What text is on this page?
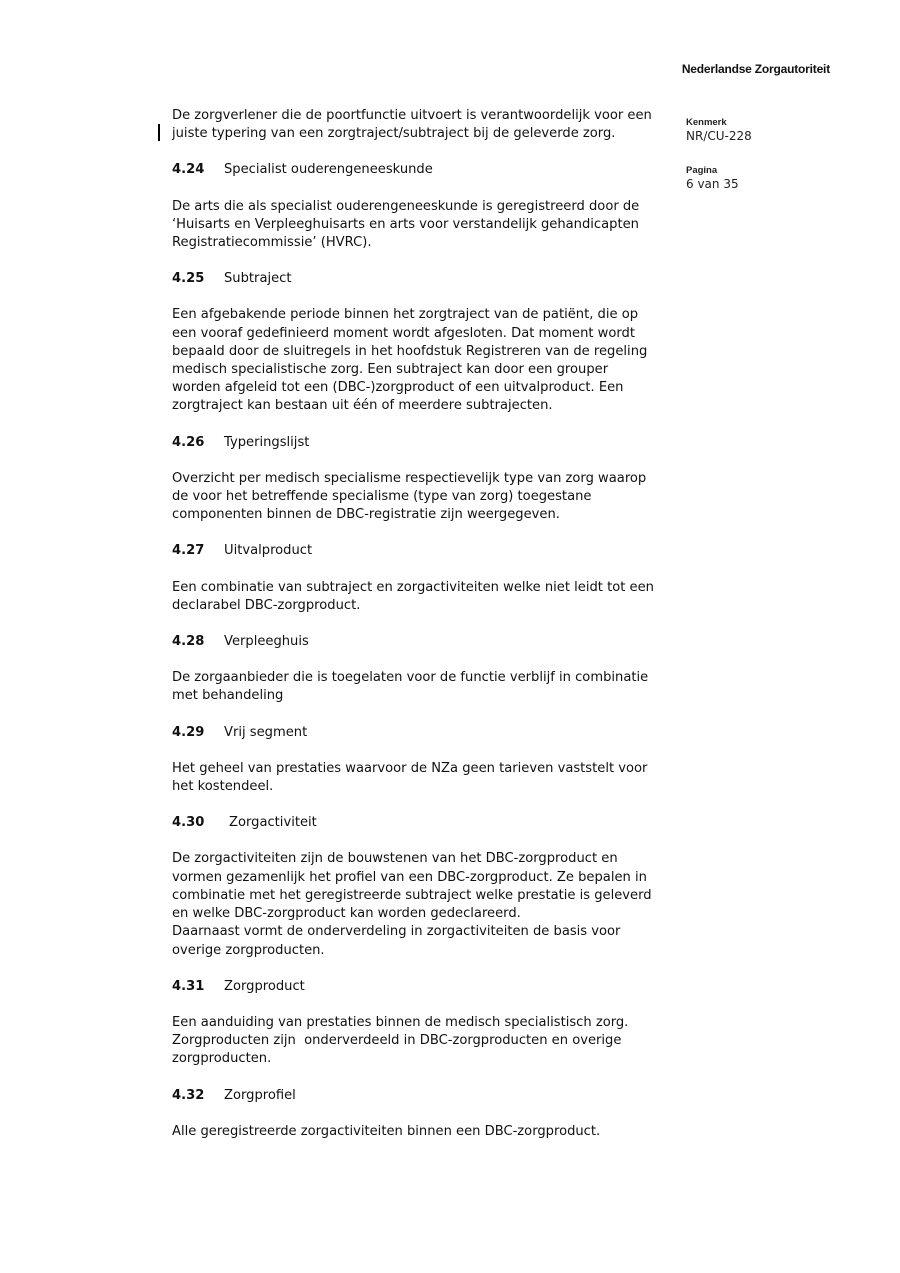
Nederlandse Zorgautoriteit
Kenmerk
NR/CU-228
Pagina
6 van 35

De zorgverlener die de poortfunctie uitvoert is verantwoordelijk voor een
juiste typering van een zorgtraject/subtraject bij de geleverde zorg.

4.24	Specialist ouderengeneeskunde

De arts die als specialist ouderengeneeskunde is geregistreerd door de
‘Huisarts en Verpleeghuisarts en arts voor verstandelijk gehandicapten
Registratiecommissie’ (HVRC).

4.25	Subtraject

Een afgebakende periode binnen het zorgtraject van de patiënt, die op
een vooraf gedefinieerd moment wordt afgesloten. Dat moment wordt
bepaald door de sluitregels in het hoofdstuk Registreren van de regeling
medisch specialistische zorg. Een subtraject kan door een grouper
worden afgeleid tot een (DBC-)zorgproduct of een uitvalproduct. Een
zorgtraject kan bestaan uit één of meerdere subtrajecten.

4.26	Typeringslijst

Overzicht per medisch specialisme respectievelijk type van zorg waarop
de voor het betreffende specialisme (type van zorg) toegestane
componenten binnen de DBC-registratie zijn weergegeven.

4.27	Uitvalproduct

Een combinatie van subtraject en zorgactiviteiten welke niet leidt tot een
declarabel DBC-zorgproduct.

4.28	Verpleeghuis

De zorgaanbieder die is toegelaten voor de functie verblijf in combinatie
met behandeling

4.29	Vrij segment

Het geheel van prestaties waarvoor de NZa geen tarieven vaststelt voor
het kostendeel.

4.30	Zorgactiviteit

De zorgactiviteiten zijn de bouwstenen van het DBC-zorgproduct en
vormen gezamenlijk het profiel van een DBC-zorgproduct. Ze bepalen in
combinatie met het geregistreerde subtraject welke prestatie is geleverd
en welke DBC-zorgproduct kan worden gedeclareerd.
Daarnaast vormt de onderverdeling in zorgactiviteiten de basis voor
overige zorgproducten.

4.31	Zorgproduct

Een aanduiding van prestaties binnen de medisch specialistisch zorg.
Zorgproducten zijn  onderverdeeld in DBC-zorgproducten en overige
zorgproducten.

4.32	Zorgprofiel

Alle geregistreerde zorgactiviteiten binnen een DBC-zorgproduct.
